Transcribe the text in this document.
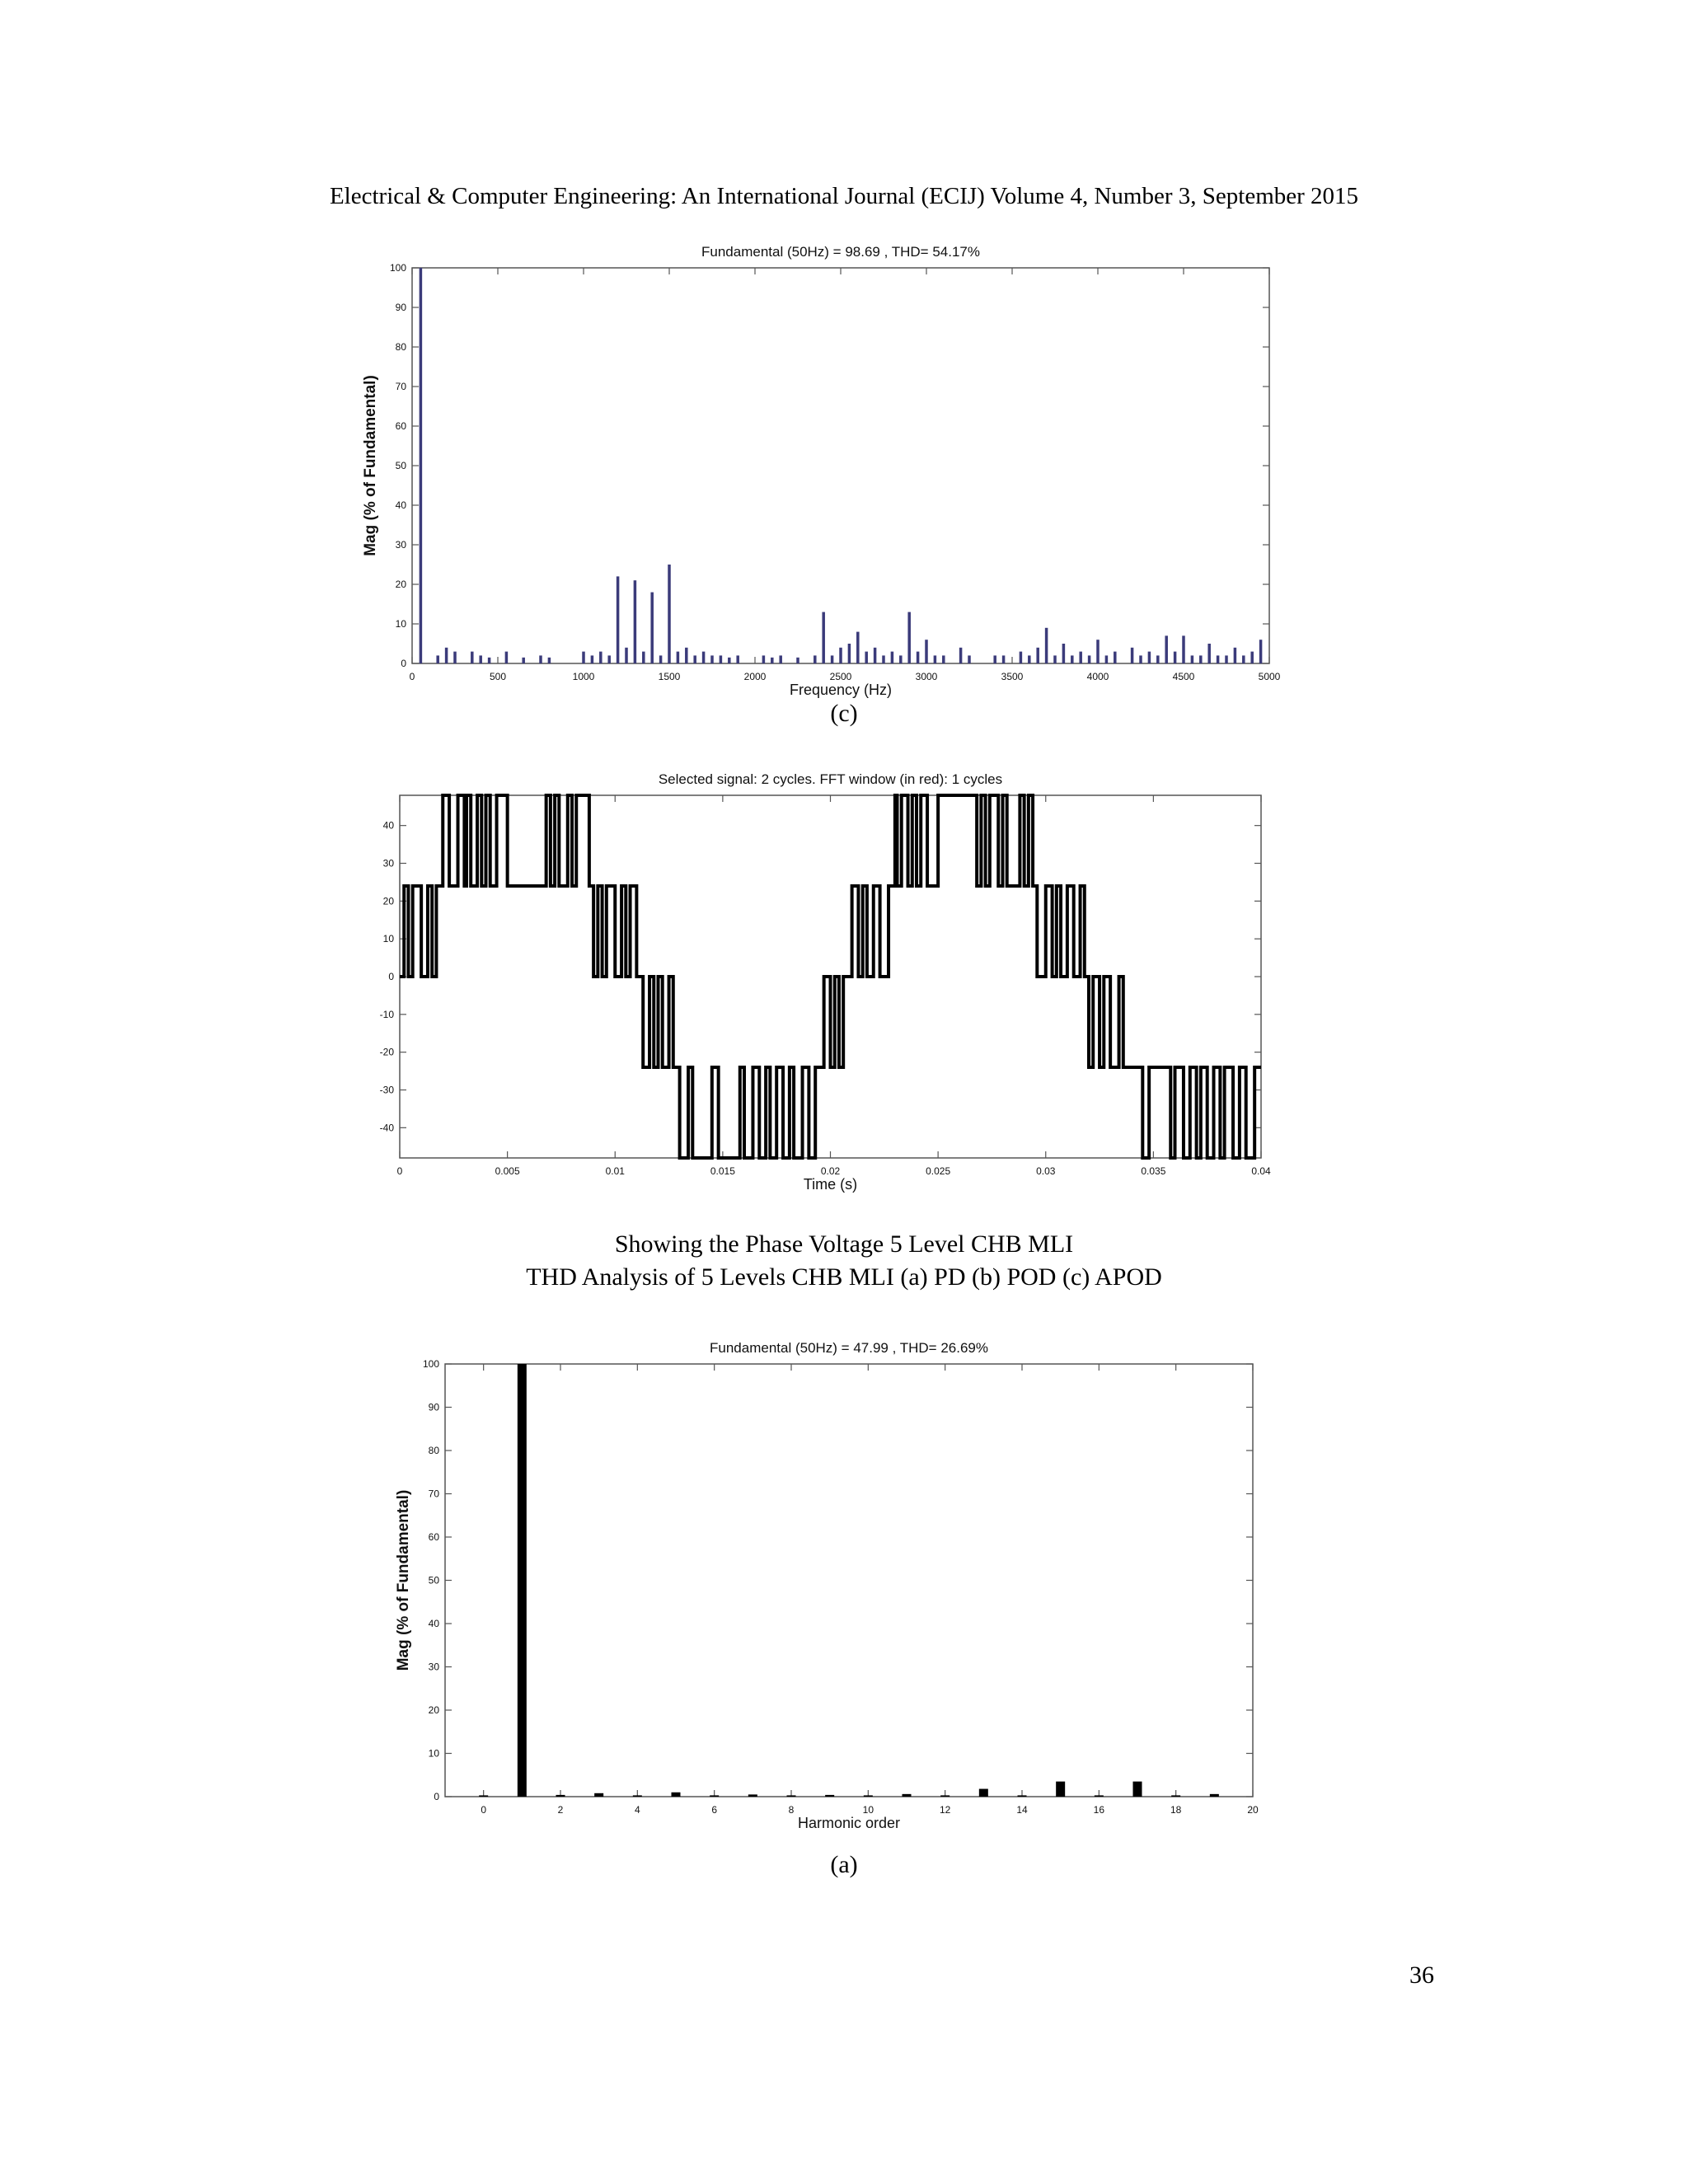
Electrical & Computer Engineering: An International Journal (ECIJ) Volume 4, Number 3, September 2015
Fundamental (50Hz) = 98.69 , THD= 54.17%
0	500	1000	1500	2000	2500	3000	3500	4000	4500	5000
0
10
20
30
40
50
60
70
80
90
100
Frequency (Hz)
Mag (% of Fundamental)
(c)
Selected signal: 2 cycles. FFT window (in red): 1 cycles
0	0.005	0.01	0.015	0.02	0.025	0.03	0.035	0.04
-40
-30
-20
-10
0
10
20
30
40
Time (s)
Showing the Phase Voltage 5 Level CHB MLI
THD Analysis of 5 Levels CHB MLI (a) PD (b) POD (c) APOD
Fundamental (50Hz) = 47.99 , THD= 26.69%
0	2	4	6	8	10	12	14	16	18	20
0
10
20
30
40
50
60
70
80
90
100
Harmonic order
Mag (% of Fundamental)
(a)
36
